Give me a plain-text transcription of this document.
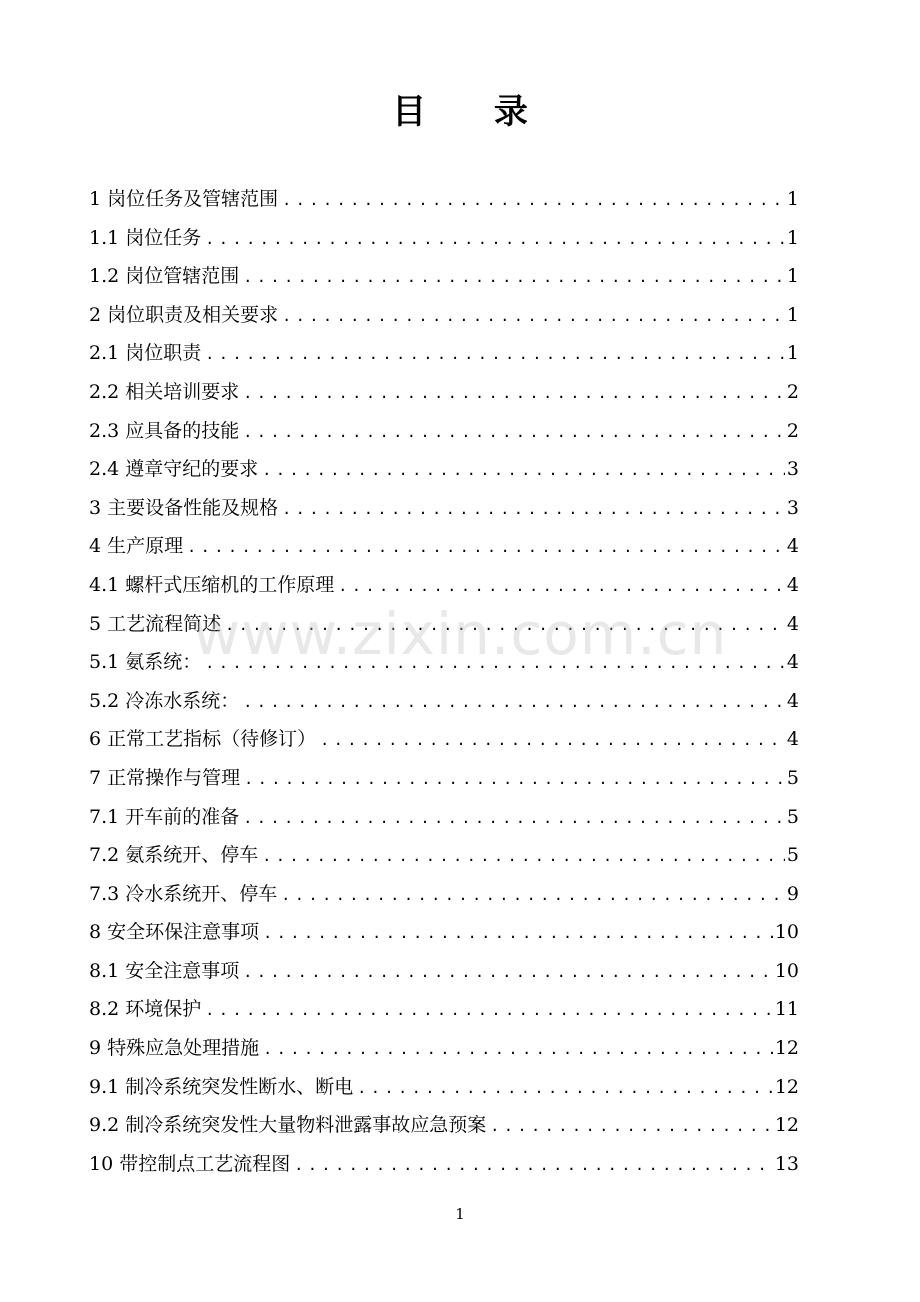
目 录
1 岗位任务及管辖范围 .....	1
1.1 岗位任务 .....	1
1.2 岗位管辖范围 .....	1
2 岗位职责及相关要求 .....	1
2.1 岗位职责 .....	1
2.2 相关培训要求 .....	2
2.3 应具备的技能 .....	2
2.4 遵章守纪的要求 .....	3
3 主要设备性能及规格 .....	3
4 生产原理 .....	4
4.1 螺杆式压缩机的工作原理 .....	4
5 工艺流程简述 .....	4
5.1 氨系统： .....	4
5.2 冷冻水系统： .....	4
6 正常工艺指标（待修订） .....	4
7 正常操作与管理 .....	5
7.1 开车前的准备 .....	5
7.2 氨系统开、停车 .....	5
7.3 冷水系统开、停车 .....	9
8 安全环保注意事项 .....	10
8.1 安全注意事项 .....	10
8.2 环境保护 .....	11
9 特殊应急处理措施 .....	12
9.1 制冷系统突发性断水、断电 .....	12
9.2 制冷系统突发性大量物料泄露事故应急预案 .....	12
10 带控制点工艺流程图 .....	13
www.zixin.com.cn
1
